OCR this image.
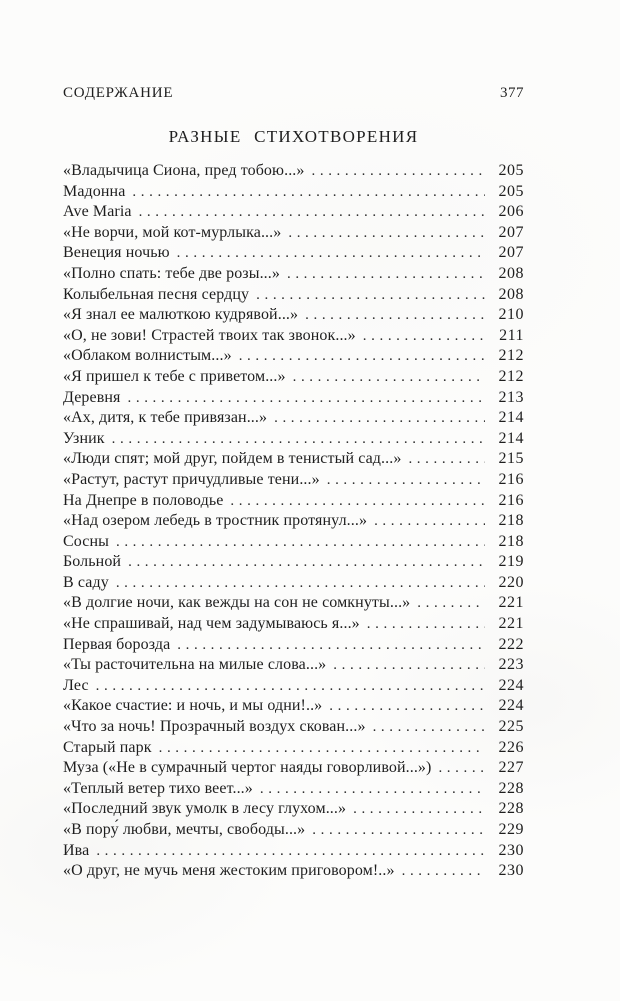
СОДЕРЖАНИЕ	377
РАЗНЫЕ СТИХОТВОРЕНИЯ
«Владычица Сиона, пред тобою...» .....	205
Мадонна .....	205
Ave Maria .....	206
«Не ворчи, мой кот-мурлыка...» .....	207
Венеция ночью .....	207
«Полно спать: тебе две розы...» .....	208
Колыбельная песня сердцу .....	208
«Я знал ее малюткою кудрявой...» .....	210
«О, не зови! Страстей твоих так звонок...» .....	211
«Облаком волнистым...» .....	212
«Я пришел к тебе с приветом...» .....	212
Деревня .....	213
«Ах, дитя, к тебе привязан...» .....	214
Узник .....	214
«Люди спят; мой друг, пойдем в тенистый сад...» .....	215
«Растут, растут причудливые тени...» .....	216
На Днепре в половодье .....	216
«Над озером лебедь в тростник протянул...» .....	218
Сосны .....	218
Больной .....	219
В саду .....	220
«В долгие ночи, как вежды на сон не сомкнуты...» .....	221
«Не спрашивай, над чем задумываюсь я...» .....	221
Первая борозда .....	222
«Ты расточительна на милые слова...» .....	223
Лес .....	224
«Какое счастие: и ночь, и мы одни!..» .....	224
«Что за ночь! Прозрачный воздух скован...» .....	225
Старый парк .....	226
Муза («Не в сумрачный чертог наяды говорливой...») .....	227
«Теплый ветер тихо веет...» .....	228
«Последний звук умолк в лесу глухом...» .....	228
«В пору́ любви, мечты, свободы...» .....	229
Ива .....	230
«О друг, не мучь меня жестоким приговором!..» .....	230
